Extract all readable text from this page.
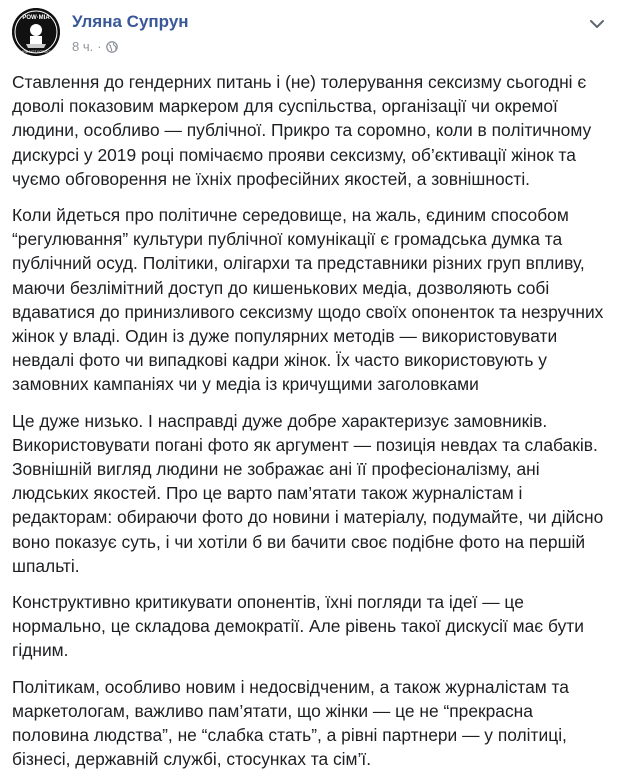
POW·MIA
YOU ARE NOT FORGOTTEN
Уляна Супрун
8 ч. ·

Ставлення до гендерних питань і (не) толерування сексизму сьогодні є доволі показовим маркером для суспільства, організації чи окремої людини, особливо — публічної. Прикро та соромно, коли в політичному дискурсі у 2019 році помічаємо прояви сексизму, об’єктивації жінок та чуємо обговорення не їхніх професійних якостей, а зовнішності.

Коли йдеться про політичне середовище, на жаль, єдиним способом “регулювання” культури публічної комунікації є громадська думка та публічний осуд. Політики, олігархи та представники різних груп впливу, маючи безлімітний доступ до кишенькових медіа, дозволяють собі вдаватися до принизливого сексизму щодо своїх опоненток та незручних жінок у владі. Один із дуже популярних методів — використовувати невдалі фото чи випадкові кадри жінок. Їх часто використовують у замовних кампаніях чи у медіа із кричущими заголовками

Це дуже низько. І насправді дуже добре характеризує замовників. Використовувати погані фото як аргумент — позиція невдах та слабаків. Зовнішній вигляд людини не зображає ані її професіоналізму, ані людських якостей. Про це варто пам’ятати також журналістам і редакторам: обираючи фото до новини і матеріалу, подумайте, чи дійсно воно показує суть, і чи хотіли б ви бачити своє подібне фото на першій шпальті.

Конструктивно критикувати опонентів, їхні погляди та ідеї — це нормально, це складова демократії. Але рівень такої дискусії має бути гідним.

Політикам, особливо новим і недосвідченим, а також журналістам та маркетологам, важливо пам’ятати, що жінки — це не “прекрасна половина людства”, не “слабка стать”, а рівні партнери — у політиці, бізнесі, державній службі, стосунках та сім’ї.
